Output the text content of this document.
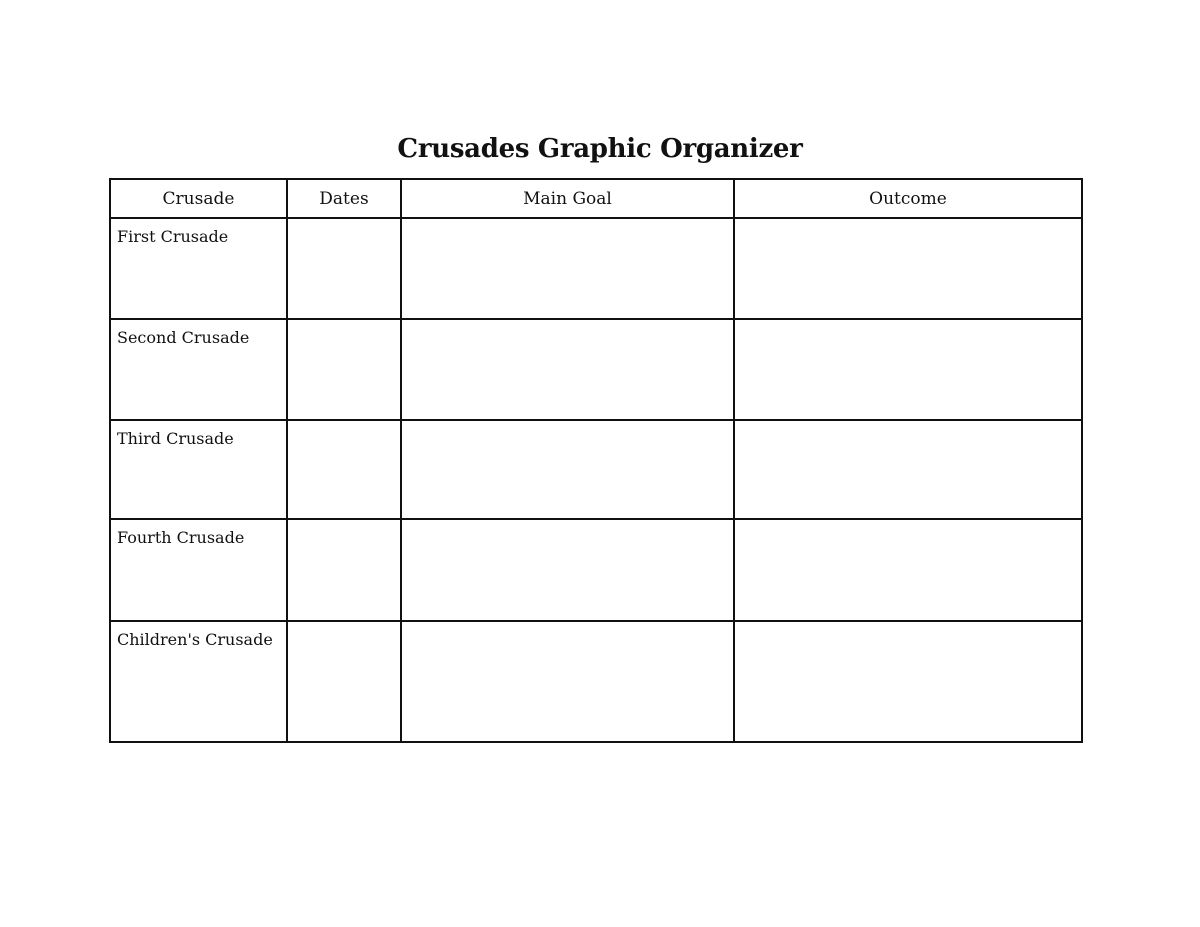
Crusades Graphic Organizer
Crusade	Dates	Main Goal	Outcome

First Crusade			

Second Crusade			

Third Crusade			

Fourth Crusade			

Children's Crusade			
